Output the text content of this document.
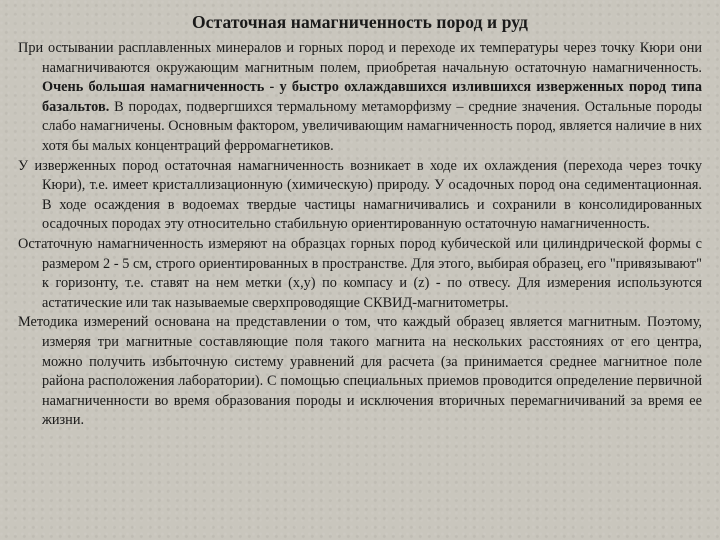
Остаточная намагниченность пород и руд

При остывании расплавленных минералов и горных пород и переходе их температуры через точку Кюри они намагничиваются окружающим магнитным полем, приобретая начальную остаточную намагниченность. Очень большая намагниченность - у быстро охлаждавшихся излившихся изверженных пород типа базальтов. В породах, подвергшихся термальному метаморфизму – средние значения. Остальные породы слабо намагничены. Основным фактором, увеличивающим намагниченность пород, является наличие в них хотя бы малых концентраций ферромагнетиков.

У изверженных пород остаточная намагниченность возникает в ходе их охлаждения (перехода через точку Кюри), т.е. имеет кристаллизационную (химическую) природу. У осадочных пород она седиментационная. В ходе осаждения в водоемах твердые частицы намагничивались и сохранили в консолидированных осадочных породах эту относительно стабильную ориентированную остаточную намагниченность.

Остаточную намагниченность измеряют на образцах горных пород кубической или цилиндрической формы с размером 2 - 5 см, строго ориентированных в пространстве. Для этого, выбирая образец, его "привязывают" к горизонту, т.е. ставят на нем метки (x,y) по компасу и (z) - по отвесу. Для измерения используются астатические или так называемые сверхпроводящие СКВИД-магнитометры.

Методика измерений основана на представлении о том, что каждый образец является магнитным. Поэтому, измеряя три магнитные составляющие поля такого магнита на нескольких расстояниях от его центра, можно получить избыточную систему уравнений для расчета (за принимается среднее магнитное поле района расположения лаборатории). С помощью специальных приемов проводится определение первичной намагниченности во время образования породы и исключения вторичных перемагничиваний за время ее жизни.
